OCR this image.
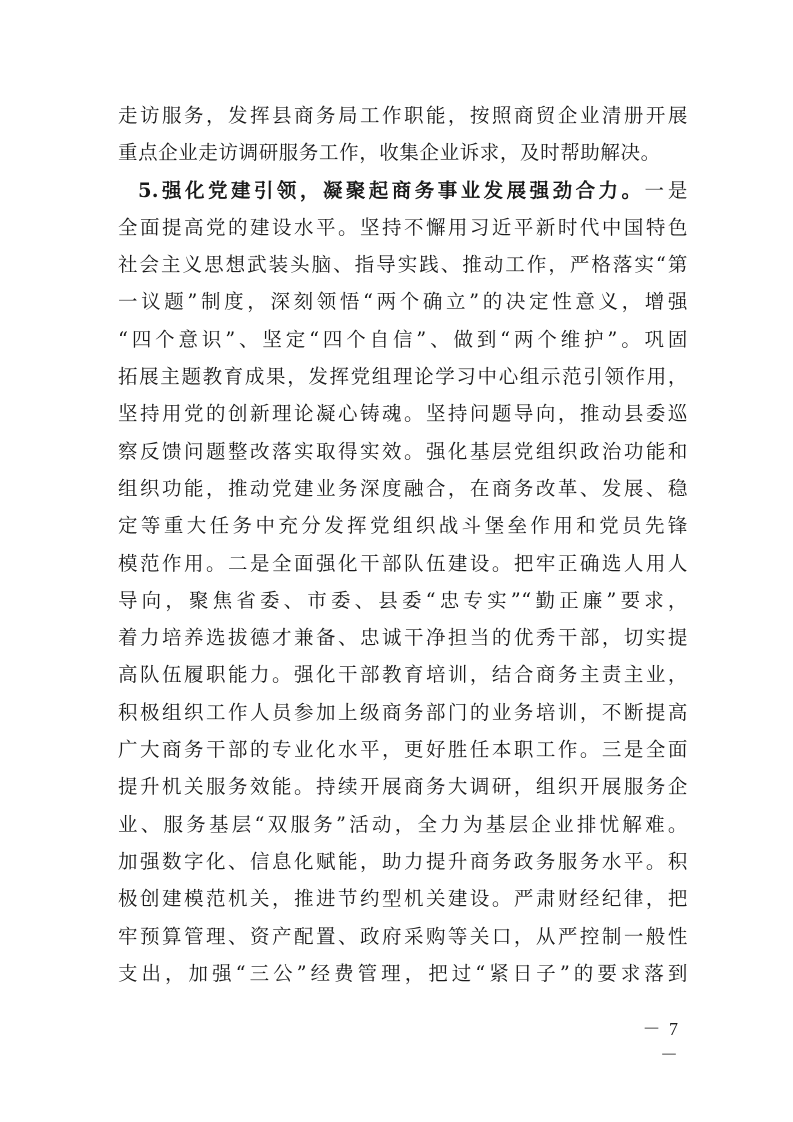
走访服务，发挥县商务局工作职能，按照商贸企业清册开展
重点企业走访调研服务工作，收集企业诉求，及时帮助解决。
5.强化党建引领，凝聚起商务事业发展强劲合力。一是
全面提高党的建设水平。坚持不懈用习近平新时代中国特色
社会主义思想武装头脑、指导实践、推动工作，严格落实“第
一议题”制度，深刻领悟“两个确立”的决定性意义，增强
“四个意识”、坚定“四个自信”、做到“两个维护”。巩固
拓展主题教育成果，发挥党组理论学习中心组示范引领作用，
坚持用党的创新理论凝心铸魂。坚持问题导向，推动县委巡
察反馈问题整改落实取得实效。强化基层党组织政治功能和
组织功能，推动党建业务深度融合，在商务改革、发展、稳
定等重大任务中充分发挥党组织战斗堡垒作用和党员先锋
模范作用。二是全面强化干部队伍建设。把牢正确选人用人
导向，聚焦省委、市委、县委“忠专实”“勤正廉”要求，
着力培养选拔德才兼备、忠诚干净担当的优秀干部，切实提
高队伍履职能力。强化干部教育培训，结合商务主责主业，
积极组织工作人员参加上级商务部门的业务培训，不断提高
广大商务干部的专业化水平，更好胜任本职工作。三是全面
提升机关服务效能。持续开展商务大调研，组织开展服务企
业、服务基层“双服务”活动，全力为基层企业排忧解难。
加强数字化、信息化赋能，助力提升商务政务服务水平。积
极创建模范机关，推进节约型机关建设。严肃财经纪律，把
牢预算管理、资产配置、政府采购等关口，从严控制一般性
支出，加强“三公”经费管理，把过“紧日子”的要求落到
－ 7 －
